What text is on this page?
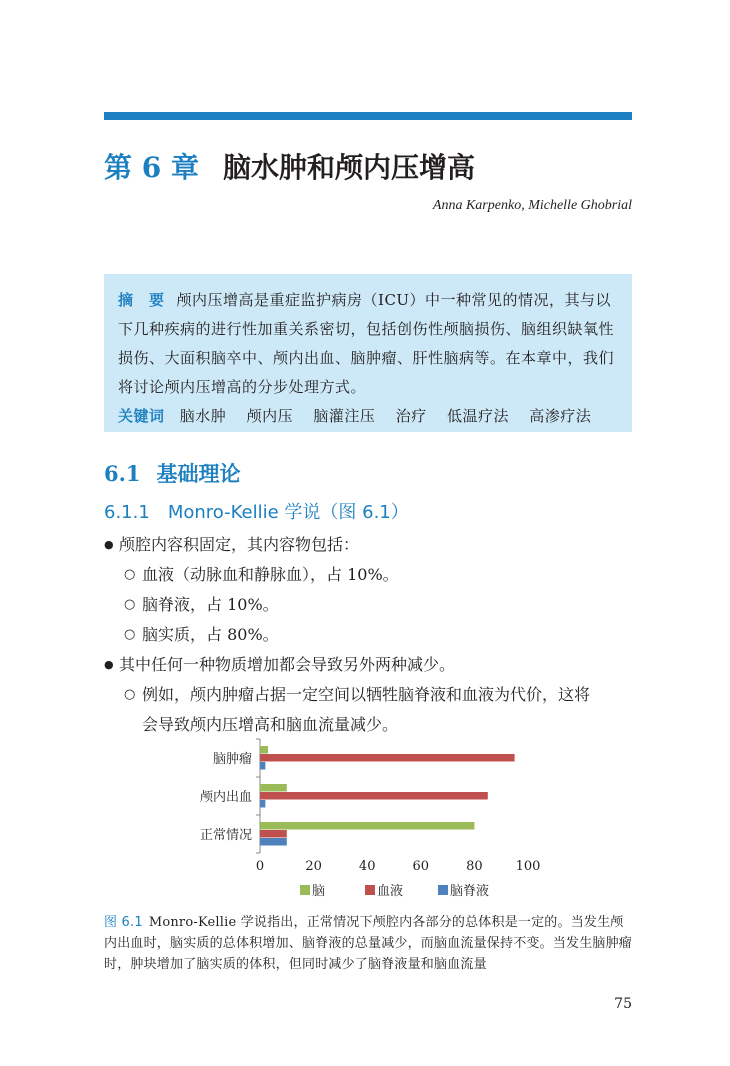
第 6 章 脑水肿和颅内压增高
Anna Karpenko, Michelle Ghobrial

摘　要 颅内压增高是重症监护病房（ICU）中一种常见的情况，其与以下几种疾病的进行性加重关系密切，包括创伤性颅脑损伤、脑组织缺氧性损伤、大面积脑卒中、颅内出血、脑肿瘤、肝性脑病等。在本章中，我们将讨论颅内压增高的分步处理方式。

关键词 脑水肿 颅内压 脑灌注压 治疗 低温疗法 高渗疗法

6.1 基础理论
6.1.1 Monro-Kellie 学说（图 6.1）
● 颅腔内容积固定，其内容物包括：
○ 血液（动脉血和静脉血），占 10%。
○ 脑脊液，占 10%。
○ 脑实质，占 80%。
● 其中任何一种物质增加都会导致另外两种减少。
○ 例如，颅内肿瘤占据一定空间以牺牲脑脊液和血液为代价，这将
会导致颅内压增高和脑血流量减少。
脑肿瘤
颅内出血
正常情况
0	20	40	60	80	100
脑	血液	脑脊液
图 6.1 Monro-Kellie 学说指出，正常情况下颅腔内各部分的总体积是一定的。当发生颅内出血时，脑实质的总体积增加、脑脊液的总量减少，而脑血流量保持不变。当发生脑肿瘤时，肿块增加了脑实质的体积，但同时减少了脑脊液量和脑血流量
75
